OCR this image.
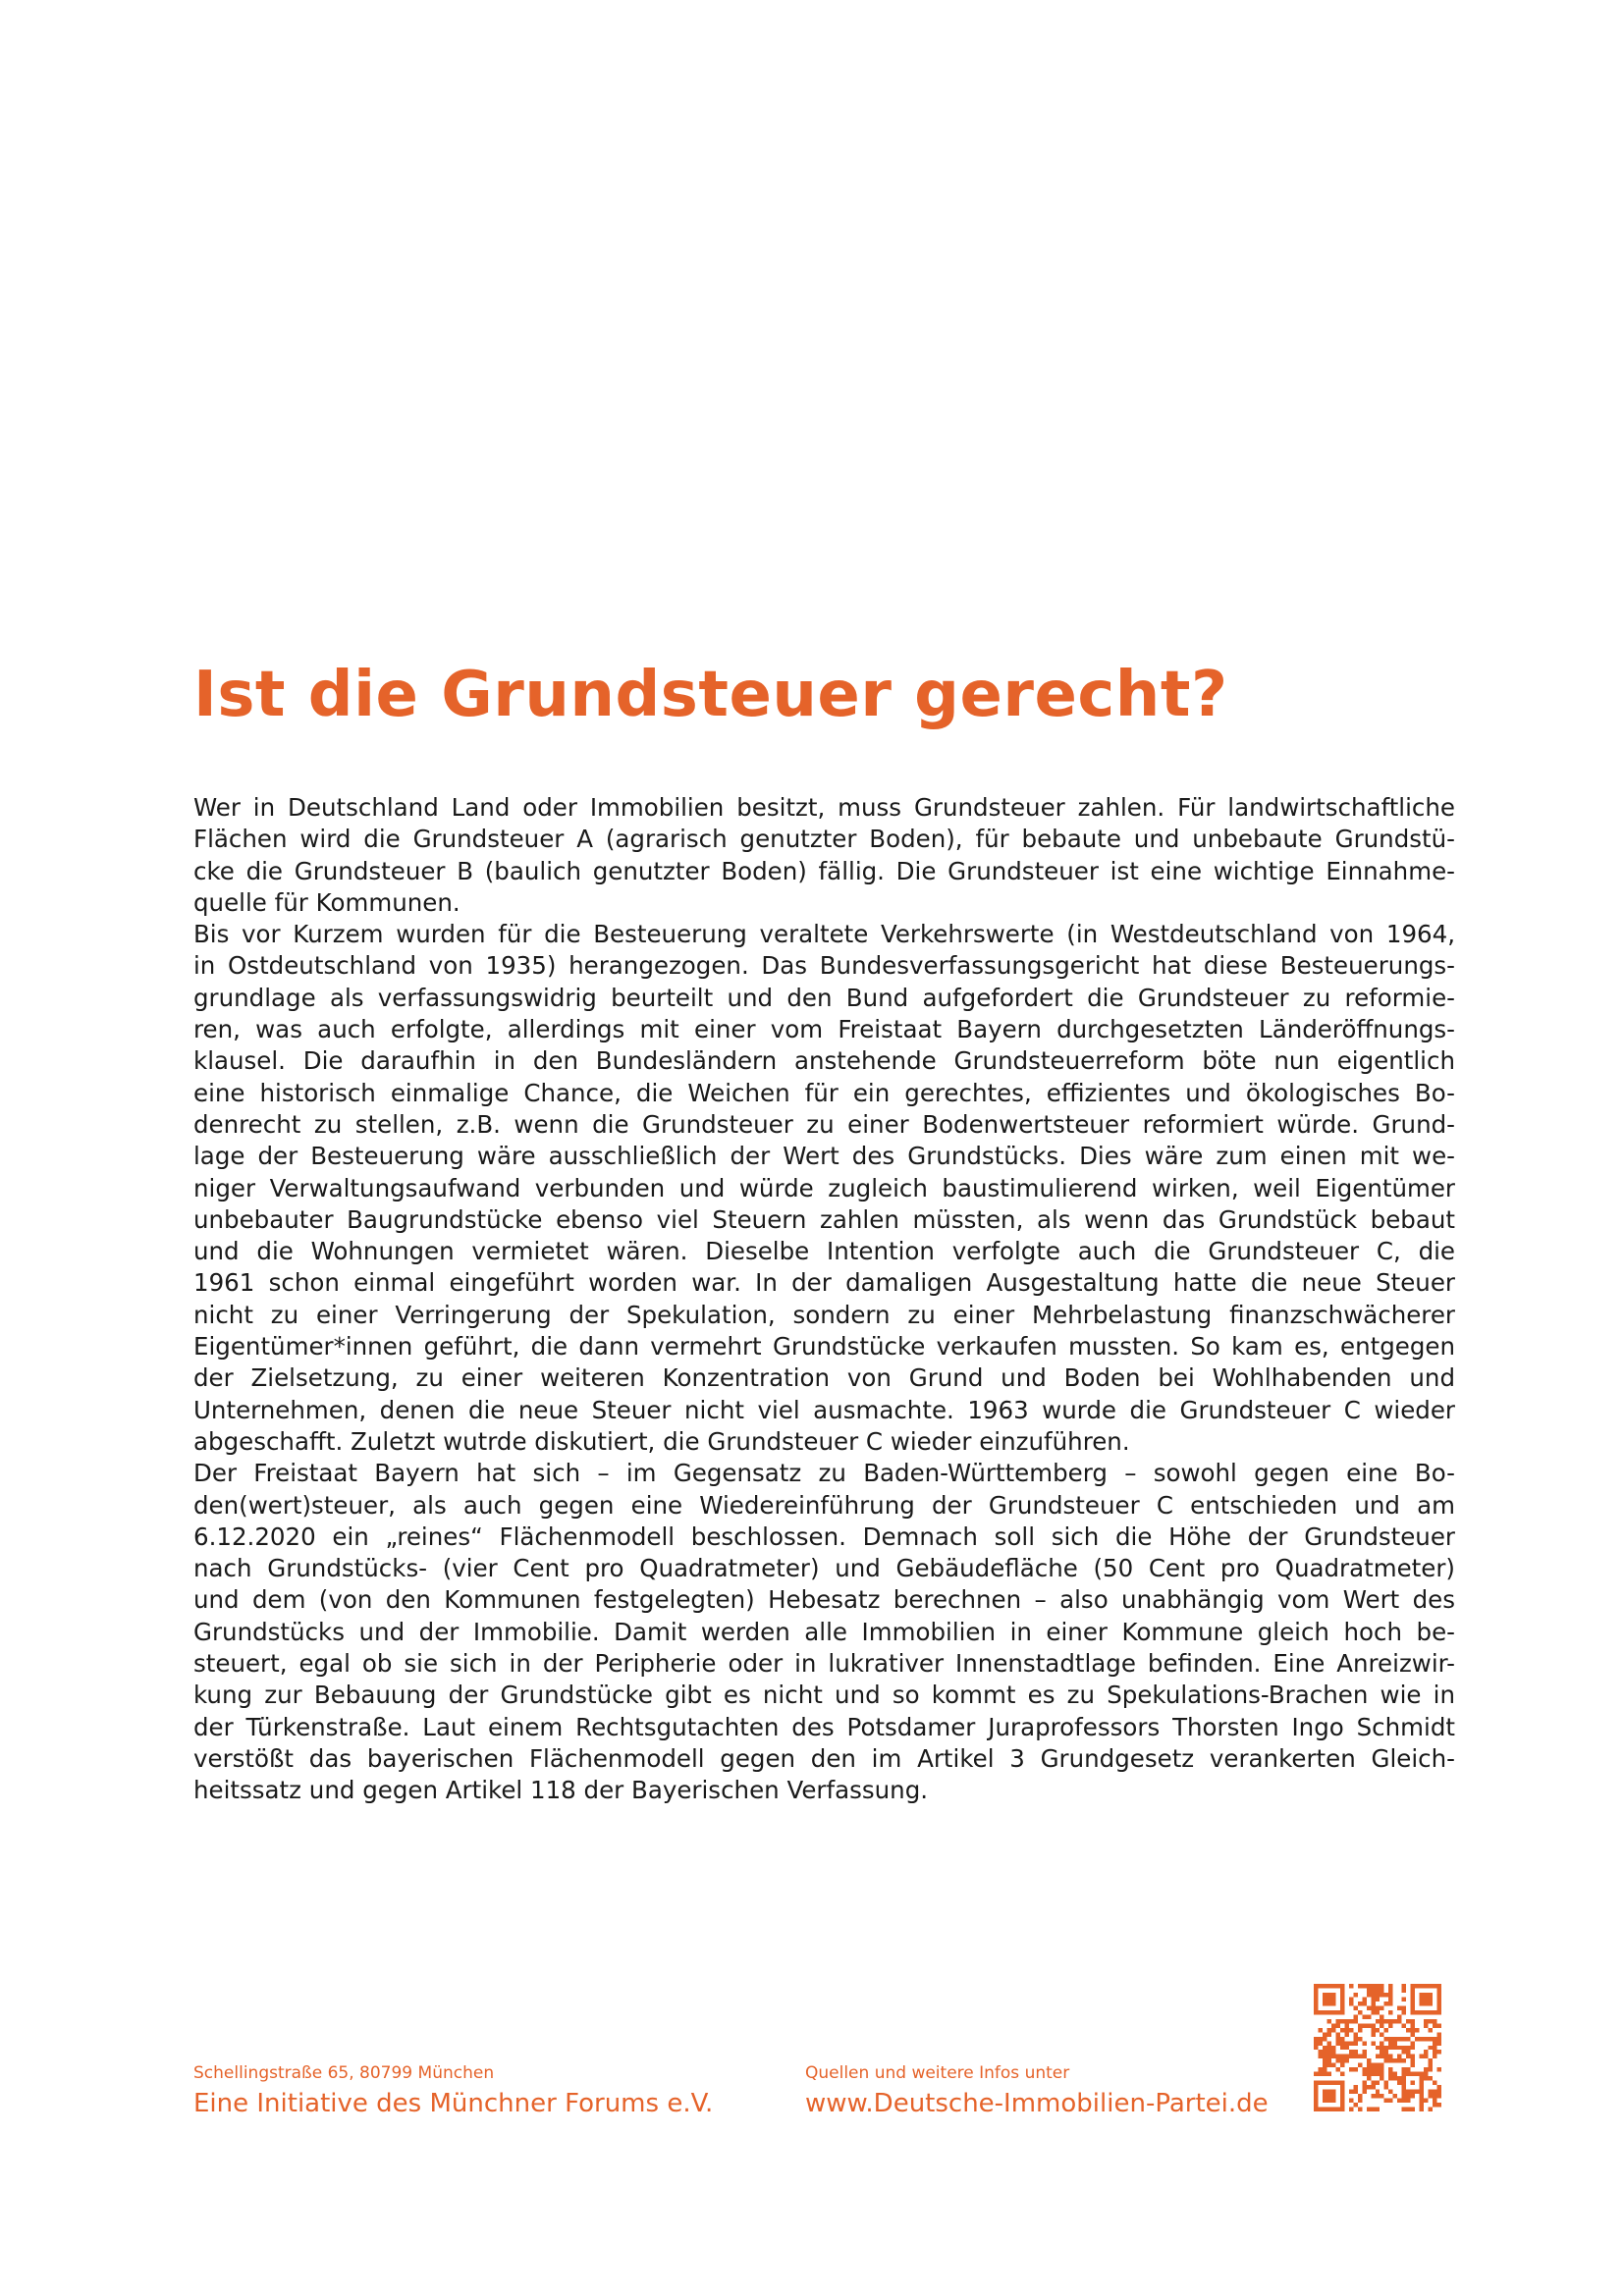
Ist die Grundsteuer gerecht?
Wer in Deutschland Land oder Immobilien besitzt, muss Grundsteuer zahlen. Für landwirtschaftliche
Flächen wird die Grundsteuer A (agrarisch genutzter Boden), für bebaute und unbebaute Grundstü-
cke die Grundsteuer B (baulich genutzter Boden) fällig. Die Grundsteuer ist eine wichtige Einnahme-
quelle für Kommunen.
Bis vor Kurzem wurden für die Besteuerung veraltete Verkehrswerte (in Westdeutschland von 1964,
in Ostdeutschland von 1935) herangezogen. Das Bundesverfassungsgericht hat diese Besteuerungs-
grundlage als verfassungswidrig beurteilt und den Bund aufgefordert die Grundsteuer zu reformie-
ren, was auch erfolgte, allerdings mit einer vom Freistaat Bayern durchgesetzten Länderöffnungs-
klausel. Die daraufhin in den Bundesländern anstehende Grundsteuerreform böte nun eigentlich
eine historisch einmalige Chance, die Weichen für ein gerechtes, effizientes und ökologisches Bo-
denrecht zu stellen, z.B. wenn die Grundsteuer zu einer Bodenwertsteuer reformiert würde. Grund-
lage der Besteuerung wäre ausschließlich der Wert des Grundstücks. Dies wäre zum einen mit we-
niger Verwaltungsaufwand verbunden und würde zugleich baustimulierend wirken, weil Eigentümer
unbebauter Baugrundstücke ebenso viel Steuern zahlen müssten, als wenn das Grundstück bebaut
und die Wohnungen vermietet wären. Dieselbe Intention verfolgte auch die Grundsteuer C, die
1961 schon einmal eingeführt worden war. In der damaligen Ausgestaltung hatte die neue Steuer
nicht zu einer Verringerung der Spekulation, sondern zu einer Mehrbelastung finanzschwächerer
Eigentümer*innen geführt, die dann vermehrt Grundstücke verkaufen mussten. So kam es, entgegen
der Zielsetzung, zu einer weiteren Konzentration von Grund und Boden bei Wohlhabenden und
Unternehmen, denen die neue Steuer nicht viel ausmachte. 1963 wurde die Grundsteuer C wieder
abgeschafft. Zuletzt wutrde diskutiert, die Grundsteuer C wieder einzuführen.
Der Freistaat Bayern hat sich – im Gegensatz zu Baden-Württemberg – sowohl gegen eine Bo-
den(wert)steuer, als auch gegen eine Wiedereinführung der Grundsteuer C entschieden und am
6.12.2020 ein „reines“ Flächenmodell beschlossen. Demnach soll sich die Höhe der Grundsteuer
nach Grundstücks- (vier Cent pro Quadratmeter) und Gebäudefläche (50 Cent pro Quadratmeter)
und dem (von den Kommunen festgelegten) Hebesatz berechnen – also unabhängig vom Wert des
Grundstücks und der Immobilie. Damit werden alle Immobilien in einer Kommune gleich hoch be-
steuert, egal ob sie sich in der Peripherie oder in lukrativer Innenstadtlage befinden. Eine Anreizwir-
kung zur Bebauung der Grundstücke gibt es nicht und so kommt es zu Spekulations-Brachen wie in
der Türkenstraße. Laut einem Rechtsgutachten des Potsdamer Juraprofessors Thorsten Ingo Schmidt
verstößt das bayerischen Flächenmodell gegen den im Artikel 3 Grundgesetz verankerten Gleich-
heitssatz und gegen Artikel 118 der Bayerischen Verfassung.
Schellingstraße 65, 80799 München
Eine Initiative des Münchner Forums e.V.
Quellen und weitere Infos unter
www.Deutsche-Immobilien-Partei.de
